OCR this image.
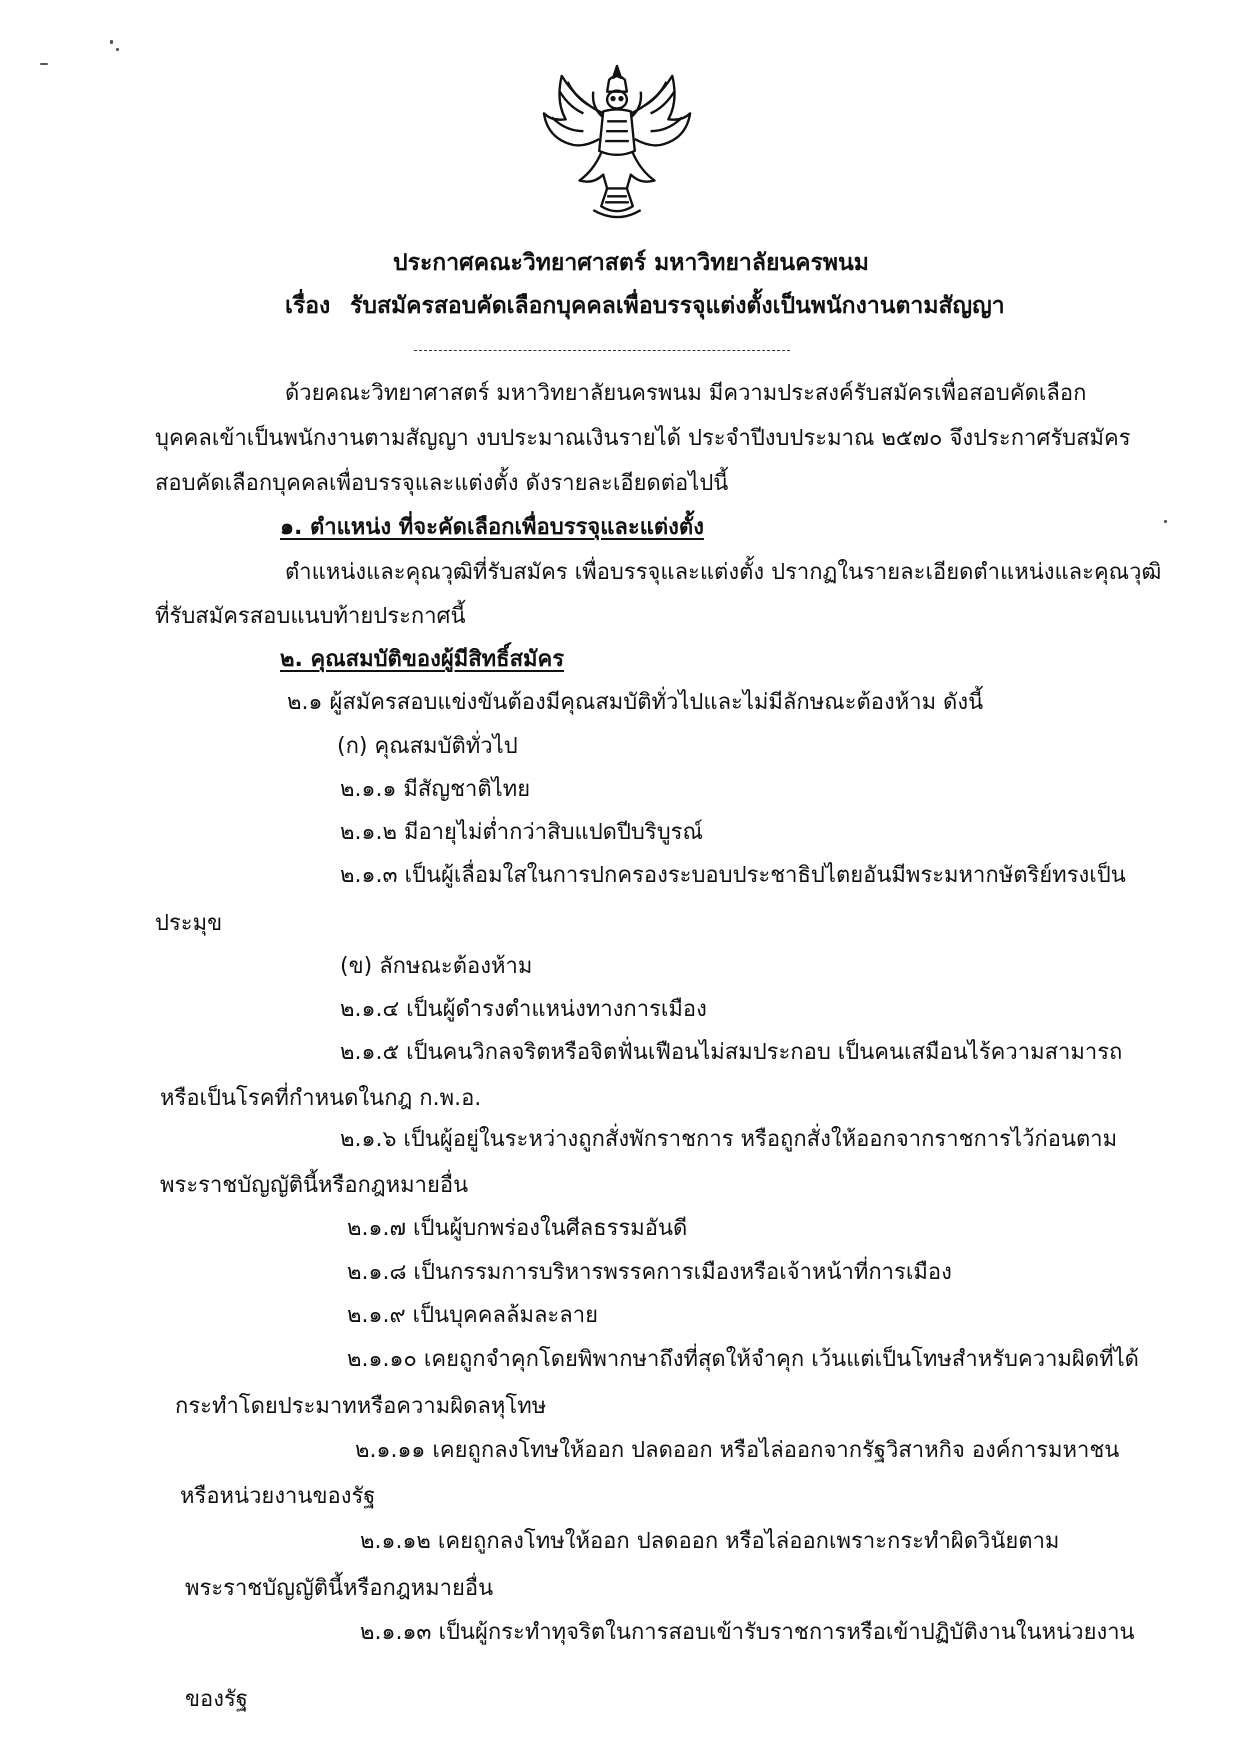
ประกาศคณะวิทยาศาสตร์ มหาวิทยาลัยนครพนม
เรื่อง รับสมัครสอบคัดเลือกบุคคลเพื่อบรรจุแต่งตั้งเป็นพนักงานตามสัญญา
ด้วยคณะวิทยาศาสตร์ มหาวิทยาลัยนครพนม มีความประสงค์รับสมัครเพื่อสอบคัดเลือก
บุคคลเข้าเป็นพนักงานตามสัญญา งบประมาณเงินรายได้ ประจำปีงบประมาณ ๒๕๗๐ จึงประกาศรับสมัคร
สอบคัดเลือกบุคคลเพื่อบรรจุและแต่งตั้ง ดังรายละเอียดต่อไปนี้
๑. ตำแหน่ง ที่จะคัดเลือกเพื่อบรรจุและแต่งตั้ง
ตำแหน่งและคุณวุฒิที่รับสมัคร เพื่อบรรจุและแต่งตั้ง ปรากฏในรายละเอียดตำแหน่งและคุณวุฒิ
ที่รับสมัครสอบแนบท้ายประกาศนี้
๒. คุณสมบัติของผู้มีสิทธิ์สมัคร
๒.๑ ผู้สมัครสอบแข่งขันต้องมีคุณสมบัติทั่วไปและไม่มีลักษณะต้องห้าม ดังนี้
(ก) คุณสมบัติทั่วไป
๒.๑.๑ มีสัญชาติไทย
๒.๑.๒ มีอายุไม่ต่ำกว่าสิบแปดปีบริบูรณ์
๒.๑.๓ เป็นผู้เลื่อมใสในการปกครองระบอบประชาธิปไตยอันมีพระมหากษัตริย์ทรงเป็น
ประมุข
(ข) ลักษณะต้องห้าม
๒.๑.๔ เป็นผู้ดำรงตำแหน่งทางการเมือง
๒.๑.๕ เป็นคนวิกลจริตหรือจิตฟั่นเฟือนไม่สมประกอบ เป็นคนเสมือนไร้ความสามารถ
หรือเป็นโรคที่กำหนดในกฎ ก.พ.อ.
๒.๑.๖ เป็นผู้อยู่ในระหว่างถูกสั่งพักราชการ หรือถูกสั่งให้ออกจากราชการไว้ก่อนตาม
พระราชบัญญัตินี้หรือกฎหมายอื่น
๒.๑.๗ เป็นผู้บกพร่องในศีลธรรมอันดี
๒.๑.๘ เป็นกรรมการบริหารพรรคการเมืองหรือเจ้าหน้าที่การเมือง
๒.๑.๙ เป็นบุคคลล้มละลาย
๒.๑.๑๐ เคยถูกจำคุกโดยพิพากษาถึงที่สุดให้จำคุก เว้นแต่เป็นโทษสำหรับความผิดที่ได้
กระทำโดยประมาทหรือความผิดลหุโทษ
๒.๑.๑๑ เคยถูกลงโทษให้ออก ปลดออก หรือไล่ออกจากรัฐวิสาหกิจ องค์การมหาชน
หรือหน่วยงานของรัฐ
๒.๑.๑๒ เคยถูกลงโทษให้ออก ปลดออก หรือไล่ออกเพราะกระทำผิดวินัยตาม
พระราชบัญญัตินี้หรือกฎหมายอื่น
๒.๑.๑๓ เป็นผู้กระทำทุจริตในการสอบเข้ารับราชการหรือเข้าปฏิบัติงานในหน่วยงาน
ของรัฐ
